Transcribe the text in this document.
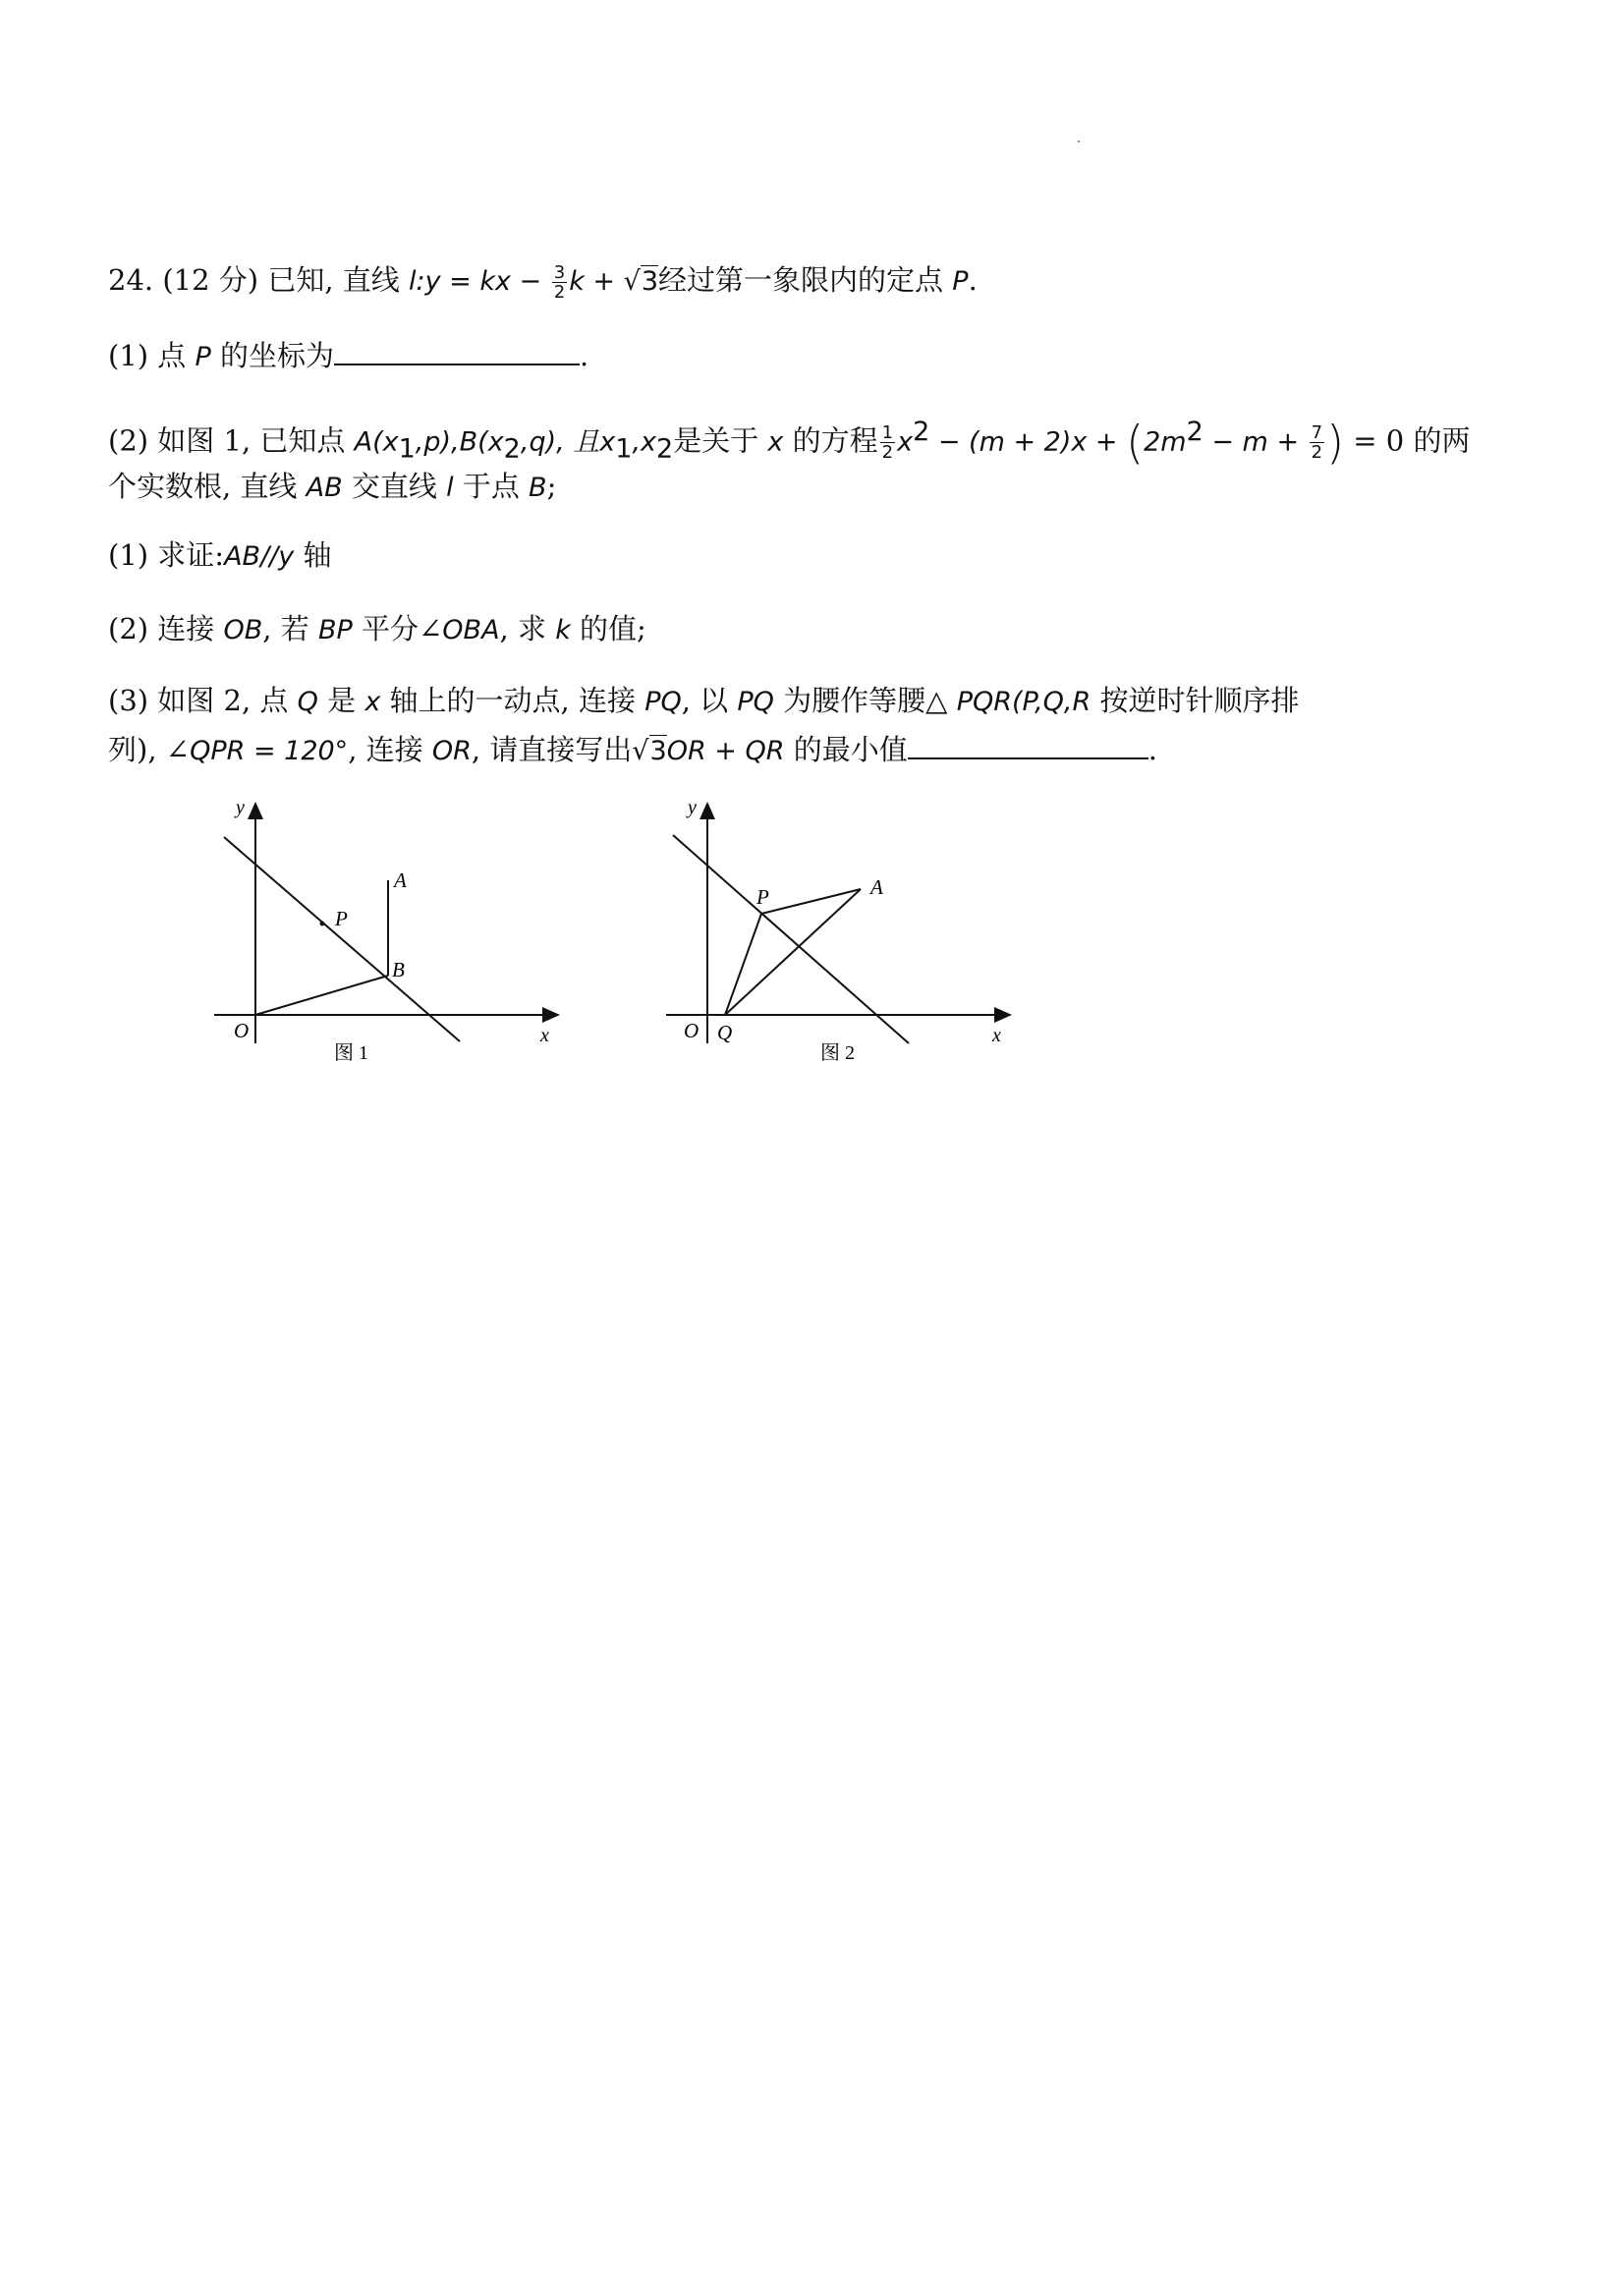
24. (12 分) 已知, 直线 l:y = kx − $\frac{3}{2}$ k + √3经过第一象限内的定点 P.
(1) 点 P 的坐标为	.
(2) 如图 1, 已知点 $A(x_1,p),B(x_2,q)$, 且$x_1,x_2$是关于 x 的方程 $\frac{1}{2} x^2 - (m + 2)x + (2m^2 - m + \frac{7}{2}$ ) = 0 的两
个实数根, 直线 AB 交直线 l 于点 B;
(1) 求证:AB//y 轴
(2) 连接 OB, 若 BP 平分∠OBA, 求 k 的值;
(3) 如图 2, 点 Q 是 x 轴上的一动点, 连接 PQ, 以 PQ 为腰作等腰△ PQR(P,Q,R 按逆时针顺序排
列), ∠QPR = 120°, 连接 OR, 请直接写出√3OR + QR 的最小值	.
y
x
O
A
P
B
图 1
y
x
O Q
P	A
图 2
